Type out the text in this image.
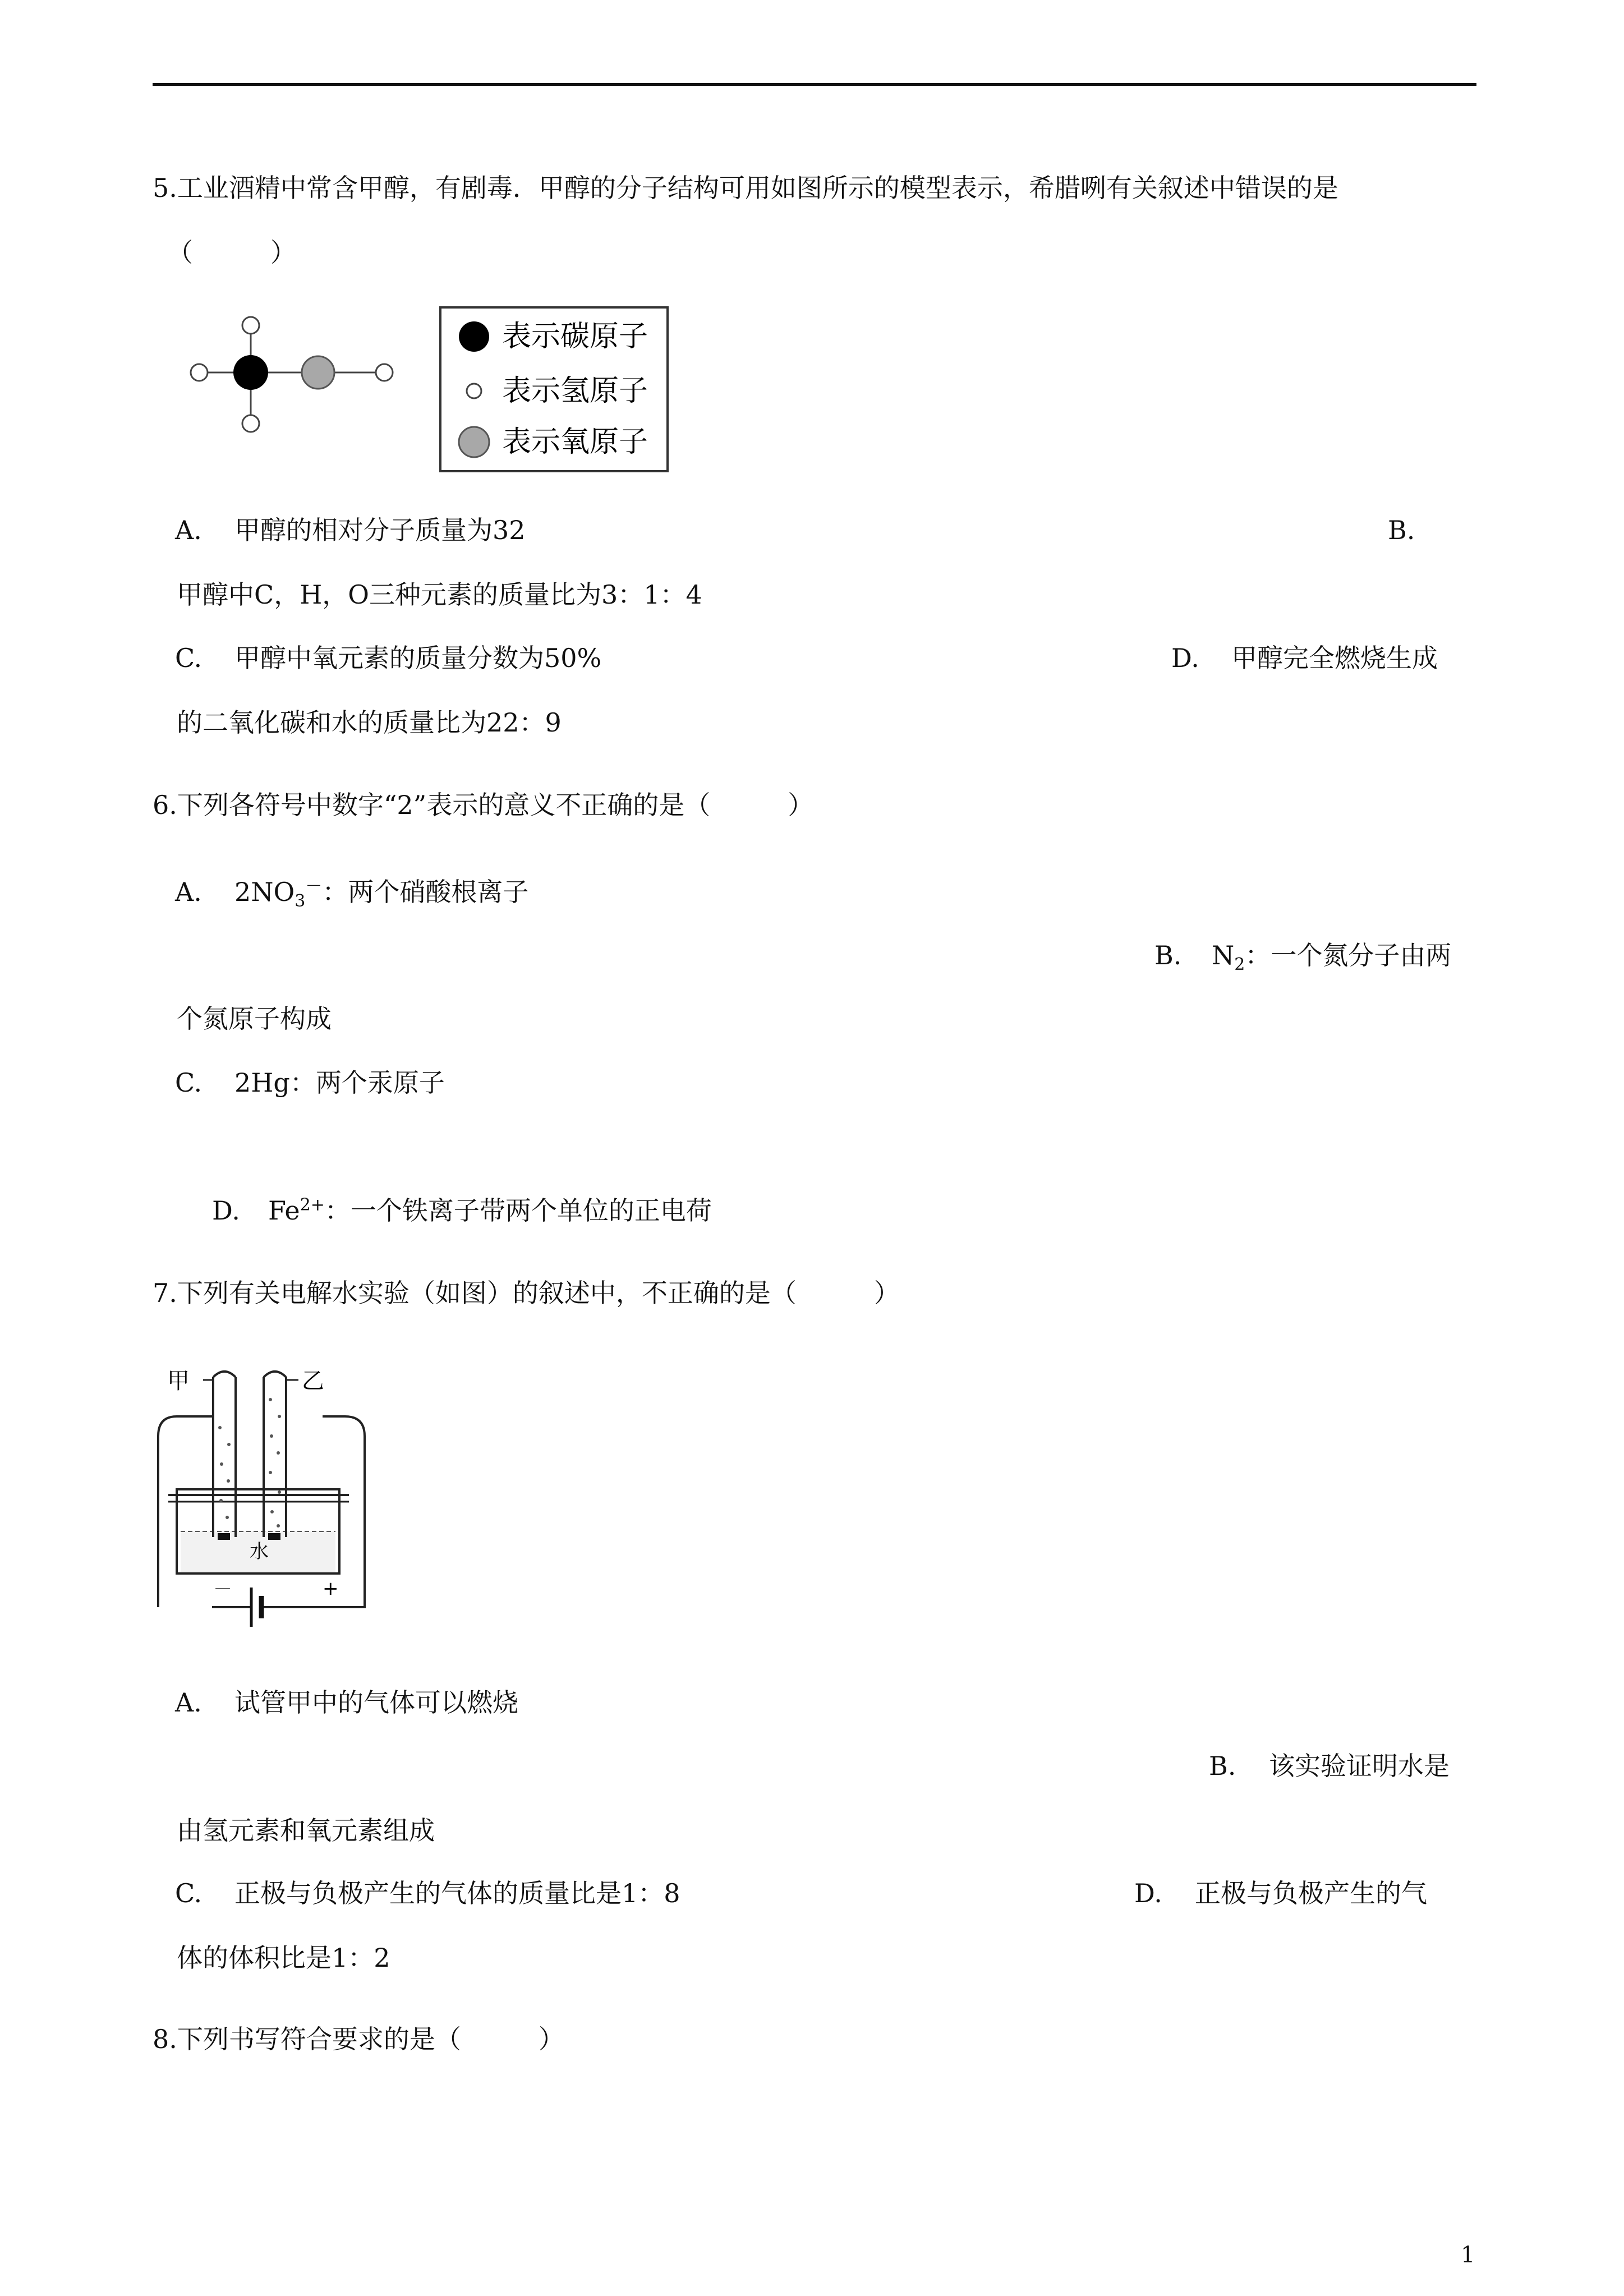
5.工业酒精中常含甲醇，有剧毒．甲醇的分子结构可用如图所示的模型表示，希腊咧有关叙述中错误的是
（　　　）
表示碳原子
表示氢原子
表示氧原子
A. 甲醇的相对分子质量为32	B.
甲醇中C，H，O三种元素的质量比为3：1：4
C. 甲醇中氧元素的质量分数为50%	D. 甲醇完全燃烧生成
的二氧化碳和水的质量比为22：9
6.下列各符号中数字“2”表示的意义不正确的是（　　　）
A. $2NO_3^-$：两个硝酸根离子
B. $N_2$：一个氮分子由两
个氮原子构成
C. 2Hg：两个汞原子
D. $Fe^{2+}$：一个铁离子带两个单位的正电荷
7.下列有关电解水实验（如图）的叙述中，不正确的是（　　　）
－	+
水
甲	乙
A. 试管甲中的气体可以燃烧
B. 该实验证明水是
由氢元素和氧元素组成
C. 正极与负极产生的气体的质量比是1：8	D. 正极与负极产生的气
体的体积比是1：2
8.下列书写符合要求的是（　　　）
1
